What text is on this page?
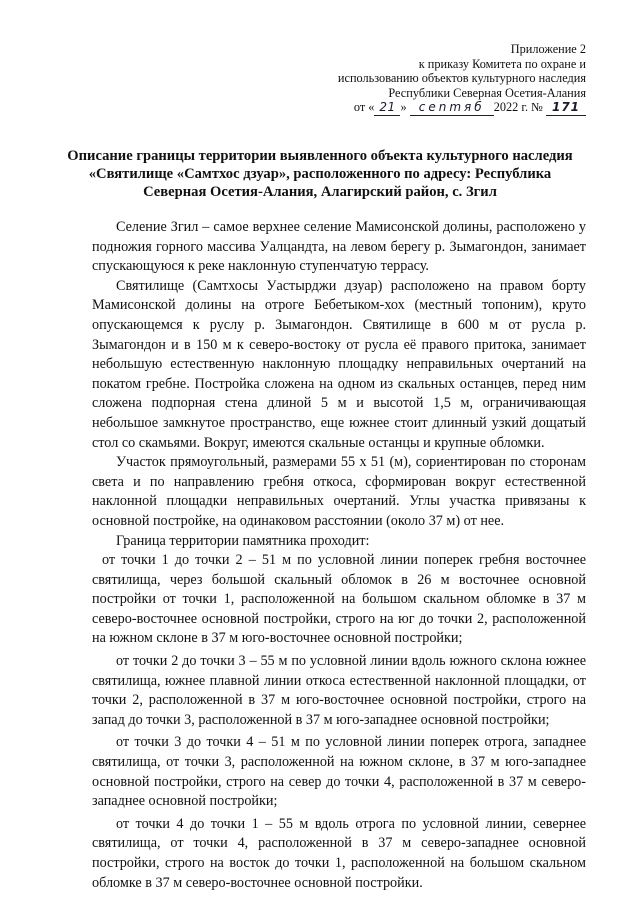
Приложение 2
к приказу Комитета по охране и
использованию объектов культурного наследия
Республики Северная Осетия-Алания
от « 21 » cenmяб 2022 г. № 171
Описание границы территории выявленного объекта культурного наследия
«Святилище «Самтхос дзуар», расположенного по адресу: Республика
Северная Осетия-Алания, Алагирский район, с. Згил

Селение Згил – самое верхнее селение Мамисонской долины, расположено у подножия горного массива Уалцандта, на левом берегу р. Зымагондон, занимает спускающуюся к реке наклонную ступенчатую террасу.

Святилище (Самтхосы Уастырджи дзуар) расположено на правом борту Мамисонской долины на отроге Бебетыком-хох (местный топоним), круто опускающемся к руслу р. Зымагондон. Святилище в 600 м от русла р. Зымагондон и в 150 м к северо-востоку от русла её правого притока, занимает небольшую естественную наклонную площадку неправильных очертаний на покатом гребне. Постройка сложена на одном из скальных останцев, перед ним сложена подпорная стена длиной 5 м и высотой 1,5 м, ограничивающая небольшое замкнутое пространство, еще южнее стоит длинный узкий дощатый стол со скамьями. Вокруг, имеются скальные останцы и крупные обломки.

Участок прямоугольный, размерами 55 х 51 (м), сориентирован по сторонам света и по направлению гребня откоса, сформирован вокруг естественной наклонной площадки неправильных очертаний. Углы участка привязаны к основной постройке, на одинаковом расстоянии (около 37 м) от нее.

Граница территории памятника проходит:

от точки 1 до точки 2 – 51 м по условной линии поперек гребня восточнее святилища, через большой скальный обломок в 26 м восточнее основной постройки от точки 1, расположенной на большом скальном обломке в 37 м северо-восточнее основной постройки, строго на юг до точки 2, расположенной на южном склоне в 37 м юго-восточнее основной постройки;

от точки 2 до точки 3 – 55 м по условной линии вдоль южного склона южнее святилища, южнее плавной линии откоса естественной наклонной площадки, от точки 2, расположенной в 37 м юго-восточнее основной постройки, строго на запад до точки 3, расположенной в 37 м юго-западнее основной постройки;

от точки 3 до точки 4 – 51 м по условной линии поперек отрога, западнее святилища, от точки 3, расположенной на южном склоне, в 37 м юго-западнее основной постройки, строго на север до точки 4, расположенной в 37 м северо-западнее основной постройки;

от точки 4 до точки 1 – 55 м вдоль отрога по условной линии, севернее святилища, от точки 4, расположенной в 37 м северо-западнее основной постройки, строго на восток до точки 1, расположенной на большом скальном обломке в 37 м северо-восточнее основной постройки.
